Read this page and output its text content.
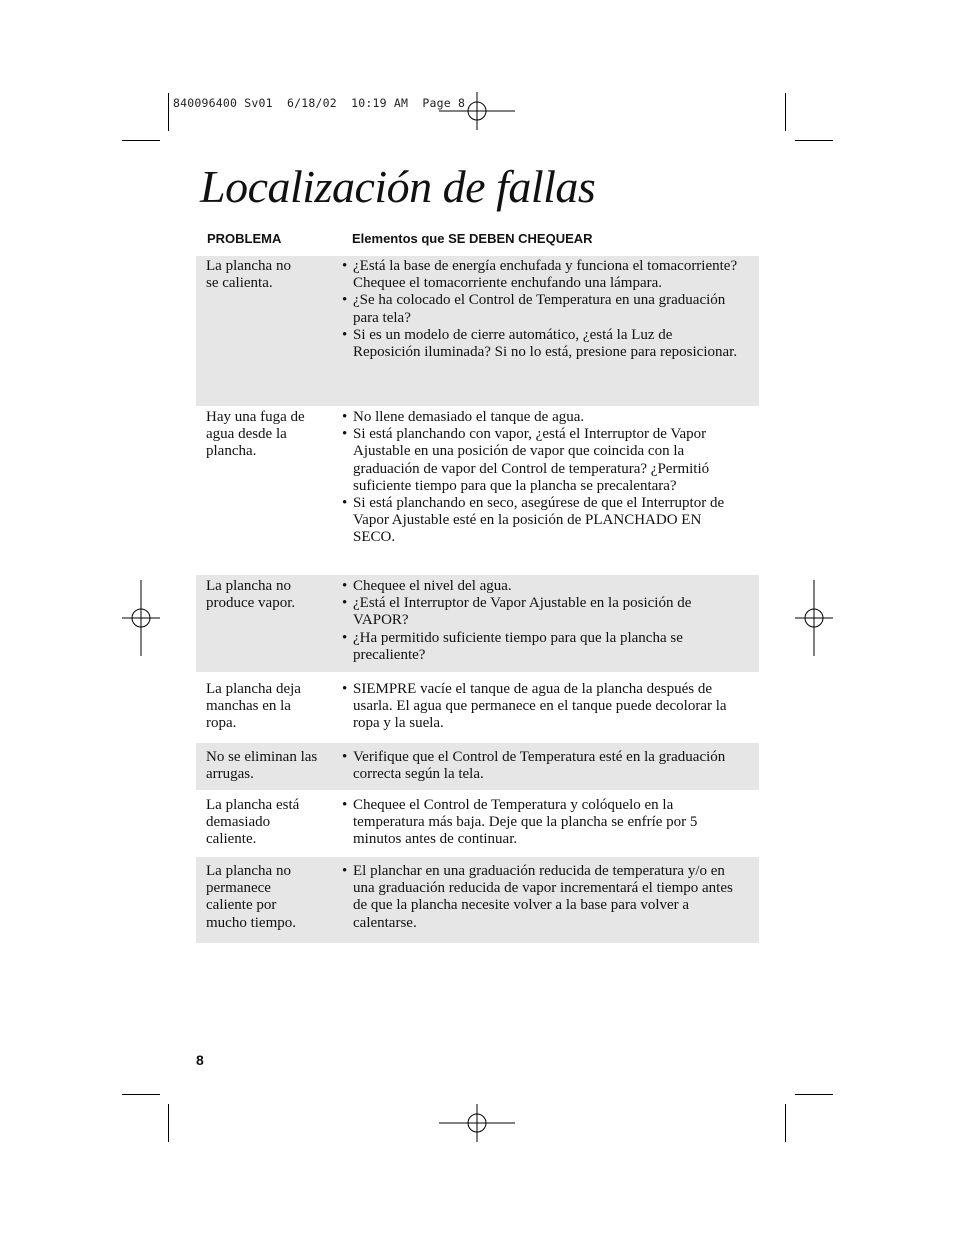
840096400 Sv01  6/18/02  10:19 AM  Page 8
Localización de fallas
PROBLEMA	Elementos que SE DEBEN CHEQUEAR
La plancha no
se calienta.
• ¿Está la base de energía enchufada y funciona el tomacorriente? Chequee el tomacorriente enchufando una lámpara.
• ¿Se ha colocado el Control de Temperatura en una graduación para tela?
• Si es un modelo de cierre automático, ¿está la Luz de Reposición iluminada? Si no lo está, presione para reposicionar.
Hay una fuga de agua desde la plancha.
• No llene demasiado el tanque de agua.
• Si está planchando con vapor, ¿está el Interruptor de Vapor Ajustable en una posición de vapor que coincida con la graduación de vapor del Control de temperatura? ¿Permitió suficiente tiempo para que la plancha se precalentara?
• Si está planchando en seco, asegúrese de que el Interruptor de Vapor Ajustable esté en la posición de PLANCHADO EN SECO.
La plancha no produce vapor.
• Chequee el nivel del agua.
• ¿Está el Interruptor de Vapor Ajustable en la posición de VAPOR?
• ¿Ha permitido suficiente tiempo para que la plancha se precaliente?
La plancha deja manchas en la ropa.
• SIEMPRE vacíe el tanque de agua de la plancha después de usarla. El agua que permanece en el tanque puede decolorar la ropa y la suela.
No se eliminan las arrugas.
• Verifique que el Control de Temperatura esté en la graduación correcta según la tela.
La plancha está demasiado caliente.
• Chequee el Control de Temperatura y colóquelo en la temperatura más baja. Deje que la plancha se enfríe por 5 minutos antes de continuar.
La plancha no permanece caliente por mucho tiempo.
• El planchar en una graduación reducida de temperatura y/o en una graduación reducida de vapor incrementará el tiempo antes de que la plancha necesite volver a la base para volver a calentarse.
8
